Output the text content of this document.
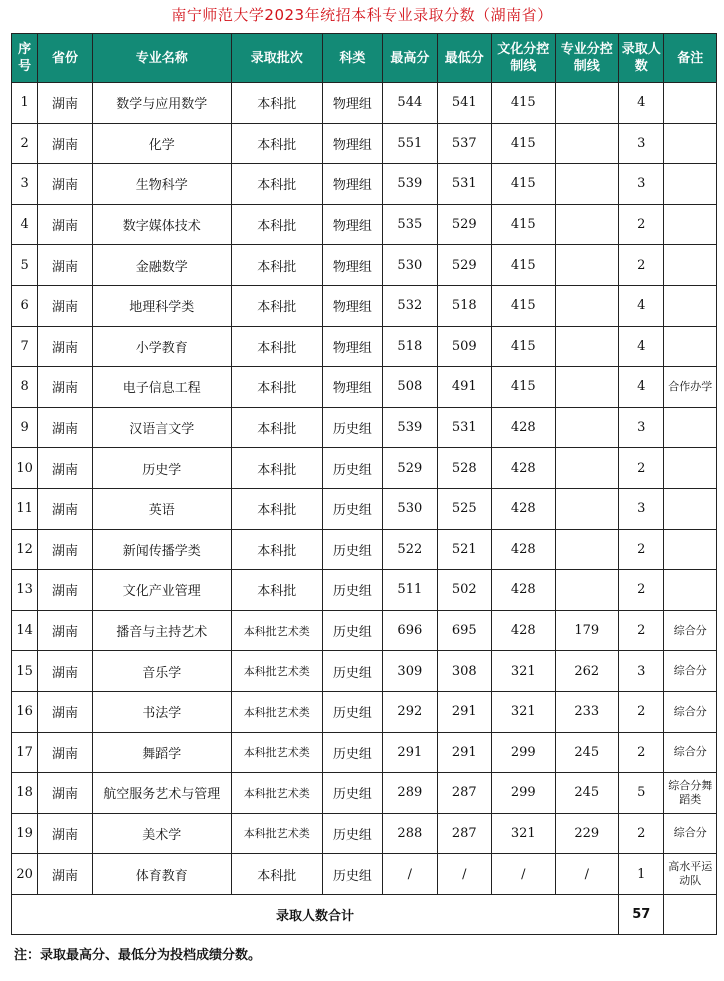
南宁师范大学2023年统招本科专业录取分数（湖南省）
序号	省份	专业名称	录取批次	科类	最高分	最低分	文化分控制线	专业分控制线	录取人数	备注
1	湖南	数学与应用数学	本科批	物理组	544	541	415		4	
2	湖南	化学	本科批	物理组	551	537	415		3	
3	湖南	生物科学	本科批	物理组	539	531	415		3	
4	湖南	数字媒体技术	本科批	物理组	535	529	415		2	
5	湖南	金融数学	本科批	物理组	530	529	415		2	
6	湖南	地理科学类	本科批	物理组	532	518	415		4	
7	湖南	小学教育	本科批	物理组	518	509	415		4	
8	湖南	电子信息工程	本科批	物理组	508	491	415		4	合作办学
9	湖南	汉语言文学	本科批	历史组	539	531	428		3	
10	湖南	历史学	本科批	历史组	529	528	428		2	
11	湖南	英语	本科批	历史组	530	525	428		3	
12	湖南	新闻传播学类	本科批	历史组	522	521	428		2	
13	湖南	文化产业管理	本科批	历史组	511	502	428		2	
14	湖南	播音与主持艺术	本科批艺术类	历史组	696	695	428	179	2	综合分
15	湖南	音乐学	本科批艺术类	历史组	309	308	321	262	3	综合分
16	湖南	书法学	本科批艺术类	历史组	292	291	321	233	2	综合分
17	湖南	舞蹈学	本科批艺术类	历史组	291	291	299	245	2	综合分
18	湖南	航空服务艺术与管理	本科批艺术类	历史组	289	287	299	245	5	综合分舞蹈类
19	湖南	美术学	本科批艺术类	历史组	288	287	321	229	2	综合分
20	湖南	体育教育	本科批	历史组	/	/	/	/	1	高水平运动队
录取人数合计									57	
注：录取最高分、最低分为投档成绩分数。
